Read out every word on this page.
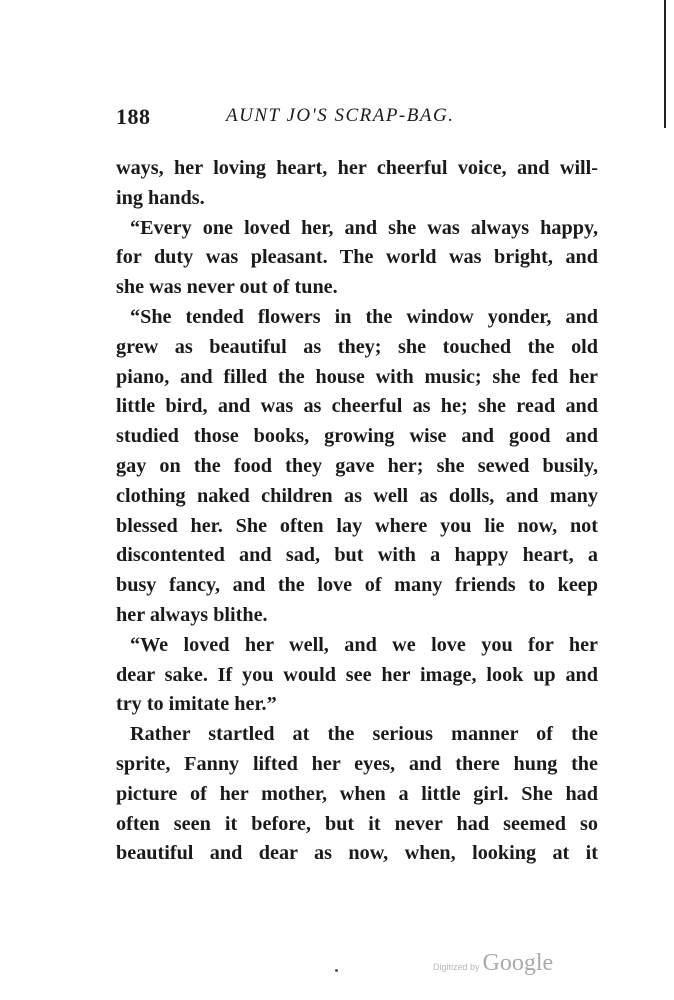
188	AUNT JO'S SCRAP-BAG.
ways, her loving heart, her cheerful voice, and will-
ing hands.
“Every one loved her, and she was always happy,
for duty was pleasant. The world was bright, and
she was never out of tune.
“She tended flowers in the window yonder, and
grew as beautiful as they; she touched the old
piano, and filled the house with music; she fed her
little bird, and was as cheerful as he; she read and
studied those books, growing wise and good and
gay on the food they gave her; she sewed busily,
clothing naked children as well as dolls, and many
blessed her. She often lay where you lie now, not
discontented and sad, but with a happy heart, a
busy fancy, and the love of many friends to keep
her always blithe.
“We loved her well, and we love you for her
dear sake. If you would see her image, look up and
try to imitate her.”
Rather startled at the serious manner of the
sprite, Fanny lifted her eyes, and there hung the
picture of her mother, when a little girl. She had
often seen it before, but it never had seemed so
beautiful and dear as now, when, looking at it
Digitized by Google
